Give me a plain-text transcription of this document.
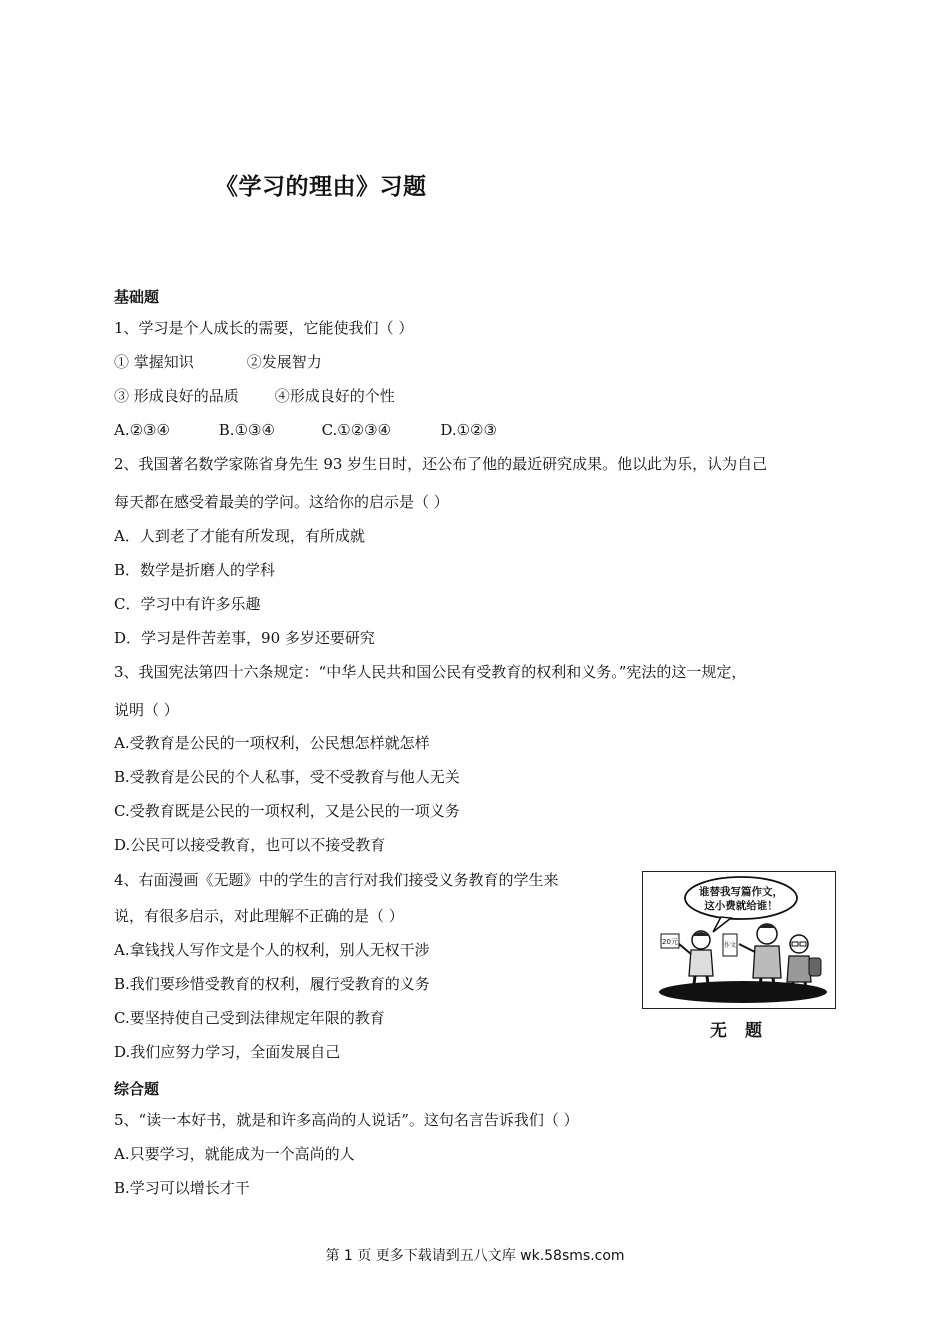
《学习的理由》习题
基础题
1、学习是个人成长的需要，它能使我们（ ）
① 掌握知识	②发展智力
③ 形成良好的品质 ④形成良好的个性
A.②③④	B.①③④	C.①②③④	D.①②③
2、我国著名数学家陈省身先生 93 岁生日时，还公布了他的最近研究成果。他以此为乐，认为自己
每天都在感受着最美的学问。这给你的启示是（ ）
A．人到老了才能有所发现，有所成就
B．数学是折磨人的学科
C．学习中有许多乐趣
D．学习是件苦差事，90 多岁还要研究
3、我国宪法第四十六条规定：“中华人民共和国公民有受教育的权利和义务。”宪法的这一规定，
说明（ ）
A.受教育是公民的一项权利，公民想怎样就怎样
B.受教育是公民的个人私事，受不受教育与他人无关
C.受教育既是公民的一项权利，又是公民的一项义务
D.公民可以接受教育，也可以不接受教育
4、右面漫画《无题》中的学生的言行对我们接受义务教育的学生来
说，有很多启示，对此理解不正确的是（ ）
A.拿钱找人写作文是个人的权利，别人无权干涉
B.我们要珍惜受教育的权利，履行受教育的义务
C.要坚持使自己受到法律规定年限的教育
D.我们应努力学习，全面发展自己
谁替我写篇作文，
这小费就给谁！
20元	作文
无 题
综合题
5、“读一本好书，就是和许多高尚的人说话”。这句名言告诉我们（ ）
A.只要学习，就能成为一个高尚的人
B.学习可以增长才干
第 1 页 更多下载请到五八文库 wk.58sms.com
